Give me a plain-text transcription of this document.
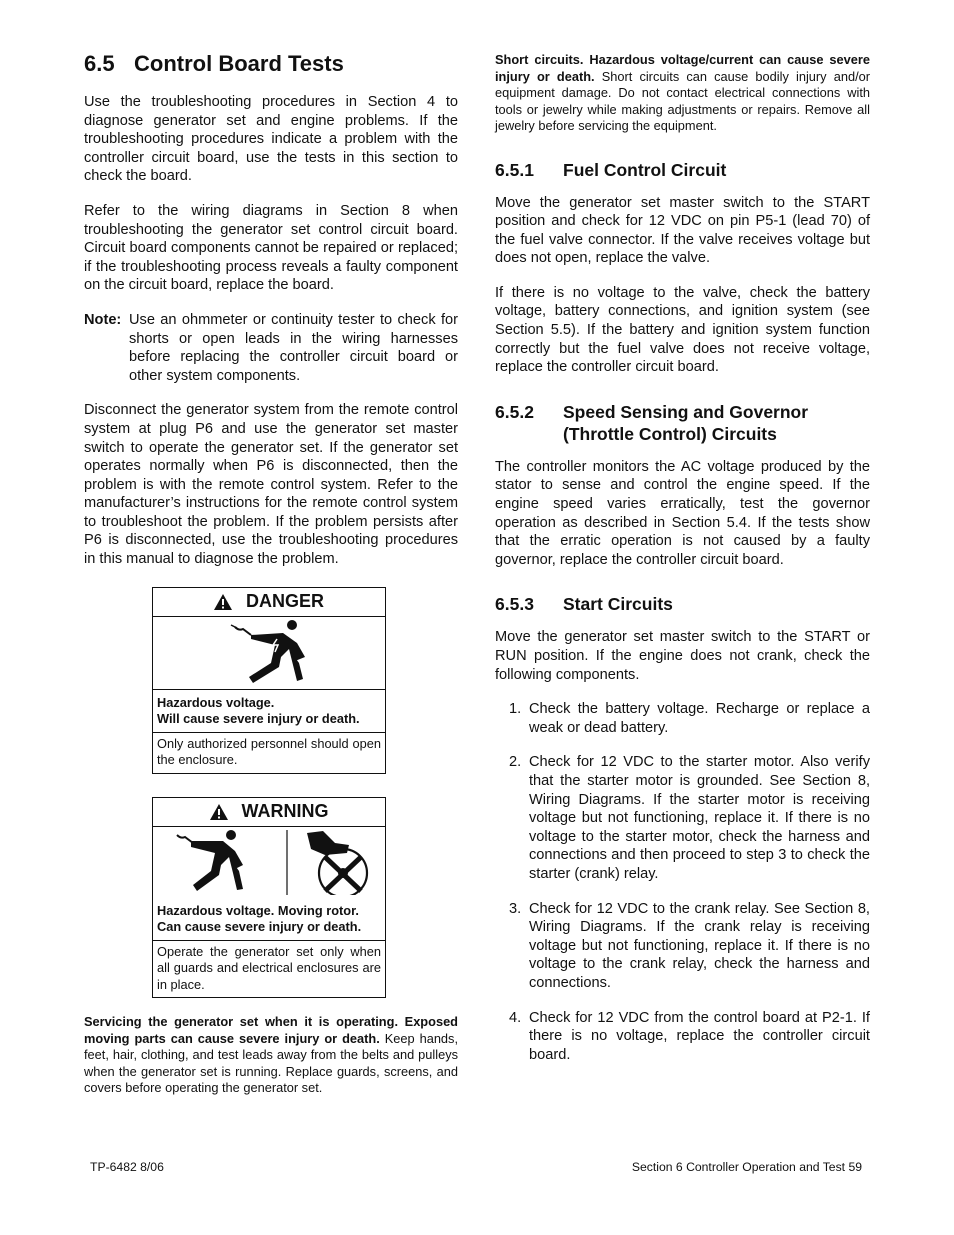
6.5 Control Board Tests

Use the troubleshooting procedures in Section 4 to diagnose generator set and engine problems. If the troubleshooting procedures indicate a problem with the controller circuit board, use the tests in this section to check the board.

Refer to the wiring diagrams in Section 8 when troubleshooting the generator set control circuit board. Circuit board components cannot be repaired or replaced; if the troubleshooting process reveals a faulty component on the circuit board, replace the board.

Note: Use an ohmmeter or continuity tester to check for shorts or open leads in the wiring harnesses before replacing the controller circuit board or other system components.

Disconnect the generator system from the remote control system at plug P6 and use the generator set master switch to operate the generator set. If the generator set operates normally when P6 is disconnected, then the problem is with the remote control system. Refer to the manufacturer’s instructions for the remote control system to troubleshoot the problem. If the problem persists after P6 is disconnected, use the troubleshooting procedures in this manual to diagnose the problem.

DANGER
Hazardous voltage.
Will cause severe injury or death.
Only authorized personnel should open the enclosure.
WARNING
Hazardous voltage. Moving rotor.
Can cause severe injury or death.
Operate the generator set only when all guards and electrical enclosures are in place.

Servicing the generator set when it is operating. Exposed moving parts can cause severe injury or death. Keep hands, feet, hair, clothing, and test leads away from the belts and pulleys when the generator set is running. Replace guards, screens, and covers before operating the generator set.

Short circuits. Hazardous voltage/current can cause severe injury or death. Short circuits can cause bodily injury and/or equipment damage. Do not contact electrical connections with tools or jewelry while making adjustments or repairs. Remove all jewelry before servicing the equipment.

6.5.1	Fuel Control Circuit

Move the generator set master switch to the START position and check for 12 VDC on pin P5-1 (lead 70) of the fuel valve connector. If the valve receives voltage but does not open, replace the valve.

If there is no voltage to the valve, check the battery voltage, battery connections, and ignition system (see Section 5.5). If the battery and ignition system function correctly but the fuel valve does not receive voltage, replace the controller circuit board.

6.5.2	Speed Sensing and Governor (Throttle Control) Circuits

The controller monitors the AC voltage produced by the stator to sense and control the engine speed. If the engine speed varies erratically, test the governor operation as described in Section 5.4. If the tests show that the erratic operation is not caused by a faulty governor, replace the controller circuit board.

6.5.3	Start Circuits

Move the generator set master switch to the START or RUN position. If the engine does not crank, check the following components.

1. Check the battery voltage. Recharge or replace a weak or dead battery.
2. Check for 12 VDC to the starter motor. Also verify that the starter motor is grounded. See Section 8, Wiring Diagrams. If the starter motor is receiving voltage but not functioning, replace it. If there is no voltage to the starter motor, check the harness and connections and then proceed to step 3 to check the starter (crank) relay.
3. Check for 12 VDC to the crank relay. See Section 8, Wiring Diagrams. If the crank relay is receiving voltage but not functioning, replace it. If there is no voltage to the crank relay, check the harness and connections.
4. Check for 12 VDC from the control board at P2-1. If there is no voltage, replace the controller circuit board.
TP-6482 8/06	Section 6 Controller Operation and Test 59
